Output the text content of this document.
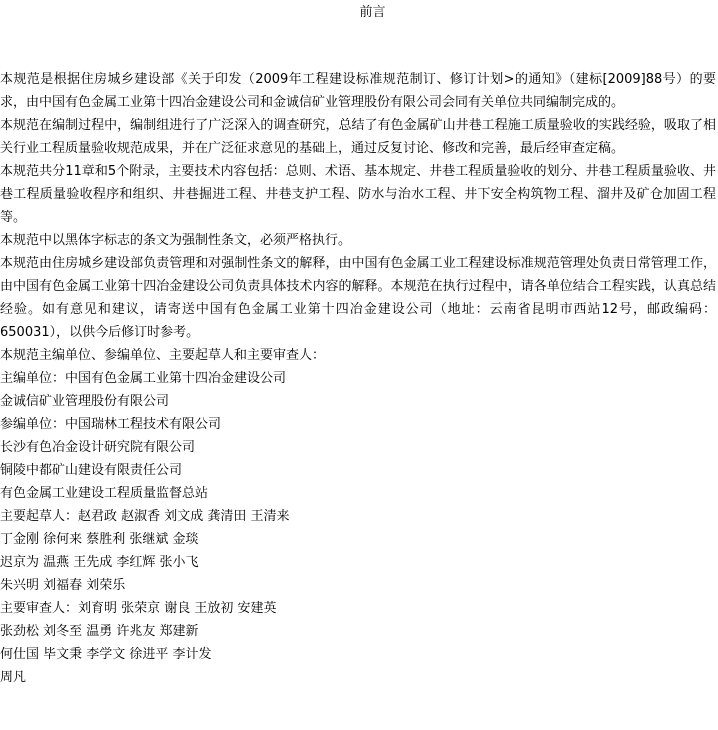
前言

本规范是根据住房城乡建设部《关于印发（2009年工程建设标准规范制订、修订计划>的通知》（建标[2009]88号）的要求，由中国有色金属工业第十四冶金建设公司和金诚信矿业管理股份有限公司会同有关单位共同编制完成的。

本规范在编制过程中，编制组进行了广泛深入的调查研究，总结了有色金属矿山井巷工程施工质量验收的实践经验，吸取了相关行业工程质量验收规范成果，并在广泛征求意见的基础上，通过反复讨论、修改和完善，最后经审查定稿。

本规范共分11章和5个附录，主要技术内容包括：总则、术语、基本规定、井巷工程质量验收的划分、井巷工程质量验收、井巷工程质量验收程序和组织、井巷掘进工程、井巷支护工程、防水与治水工程、井下安全构筑物工程、溜井及矿仓加固工程等。

本规范中以黑体字标志的条文为强制性条文，必须严格执行。

本规范由住房城乡建设部负责管理和对强制性条文的解释，由中国有色金属工业工程建设标准规范管理处负责日常管理工作，由中国有色金属工业第十四冶金建设公司负责具体技术内容的解释。本规范在执行过程中，请各单位结合工程实践，认真总结经验。如有意见和建议，请寄送中国有色金属工业第十四冶金建设公司（地址：云南省昆明市西站12号，邮政编码：650031），以供今后修订时参考。

本规范主编单位、参编单位、主要起草人和主要审查人：

主编单位：中国有色金属工业第十四冶金建设公司

金诚信矿业管理股份有限公司

参编单位：中国瑞林工程技术有限公司

长沙有色冶金设计研究院有限公司

铜陵中都矿山建设有限责任公司

有色金属工业建设工程质量监督总站

主要起草人：赵君政 赵淑香 刘文成 龚清田 王清来

丁金刚 徐何来 蔡胜利 张继斌 金琰

迟京为 温燕 王先成 李红辉 张小飞

朱兴明 刘福春 刘荣乐

主要审查人：刘育明 张荣京 谢良 王放初 安建英

张劲松 刘冬至 温勇 许兆友 郑建新

何仕国 毕文秉 李学文 徐进平 李计发

周凡
